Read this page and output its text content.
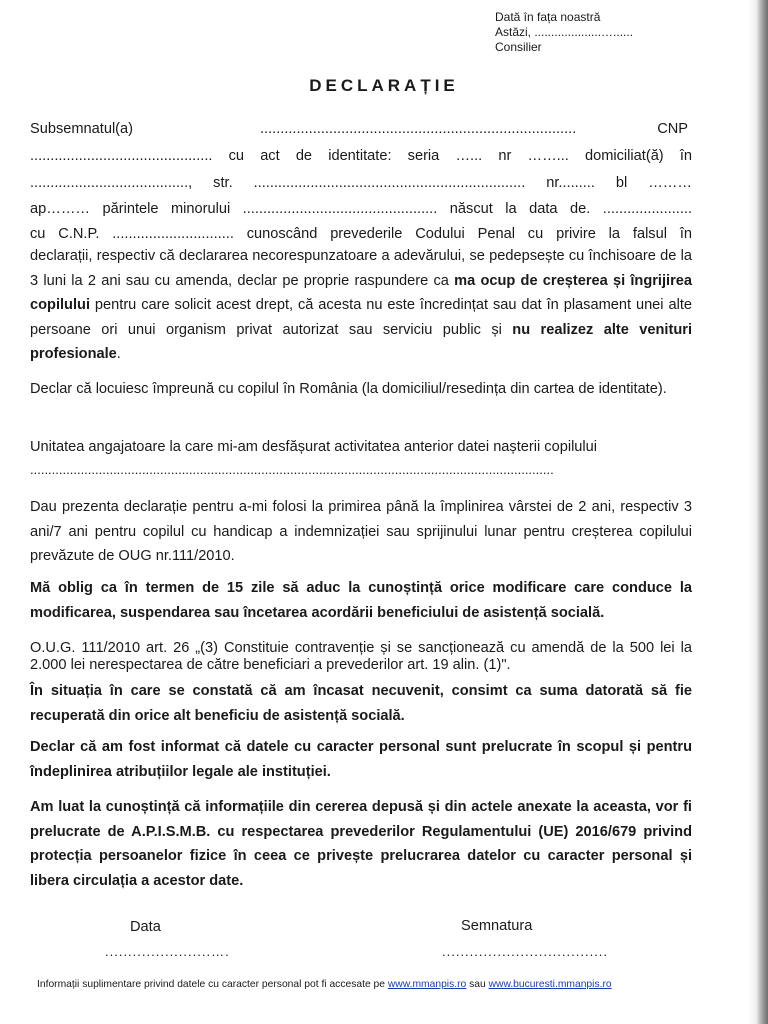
Dată în fața noastră
Astăzi, ....................…......
Consilier
DECLARAȚIE
Subsemnatul(a)	..............................................................................	CNP
............................................. cu act de identitate: seria …... nr ……... domiciliat(ă) în
......................................., str. ................................................................... nr......... bl ………
ap……… părintele minorului ................................................ născut la data de. ......................
cu C.N.P. .............................. cunoscând prevederile Codului Penal cu privire la falsul în
declarații, respectiv că declararea necorespunzatoare a adevărului, se pedepsește cu închisoare de la 3 luni la 2 ani sau cu amenda, declar pe proprie raspundere ca ma ocup de creșterea și îngrijirea copilului pentru care solicit acest drept, că acesta nu este încredințat sau dat în plasament unei alte persoane ori unui organism privat autorizat sau serviciu public și nu realizez alte venituri profesionale.
Declar că locuiesc împreună cu copilul în România (la domiciliul/resedința din cartea de identitate).
Unitatea angajatoare la care mi-am desfășurat activitatea anterior datei nașterii copilului
.................................................................................................................................................
Dau prezenta declarație pentru a-mi folosi la primirea până la împlinirea vârstei de 2 ani, respectiv 3 ani/7 ani pentru copilul cu handicap a indemnizației sau sprijinului lunar pentru creșterea copilului prevăzute de OUG nr.111/2010.
Mă oblig ca în termen de 15 zile să aduc la cunoștință orice modificare care conduce la modificarea, suspendarea sau încetarea acordării beneficiului de asistență socială.
O.U.G. 111/2010 art. 26 „(3) Constituie contravenție și se sancționează cu amendă de la 500 lei la 2.000 lei nerespectarea de către beneficiari a prevederilor art. 19 alin. (1)".
În situația în care se constată că am încasat necuvenit, consimt ca suma datorată să fie recuperată din orice alt beneficiu de asistență socială.
Declar că am fost informat că datele cu caracter personal sunt prelucrate în scopul și pentru îndeplinirea atribuțiilor legale ale instituției.
Am luat la cunoștință că informațiile din cererea depusă și din actele anexate la aceasta, vor fi prelucrate de A.P.I.S.M.B. cu respectarea prevederilor Regulamentului (UE) 2016/679 privind protecția persoanelor fizice în ceea ce privește prelucrarea datelor cu caracter personal și libera circulația a acestor date.
Data
.......................….
Semnatura
....................................
Informații suplimentare privind datele cu caracter personal pot fi accesate pe www.mmanpis.ro sau www.bucuresti.mmanpis.ro
